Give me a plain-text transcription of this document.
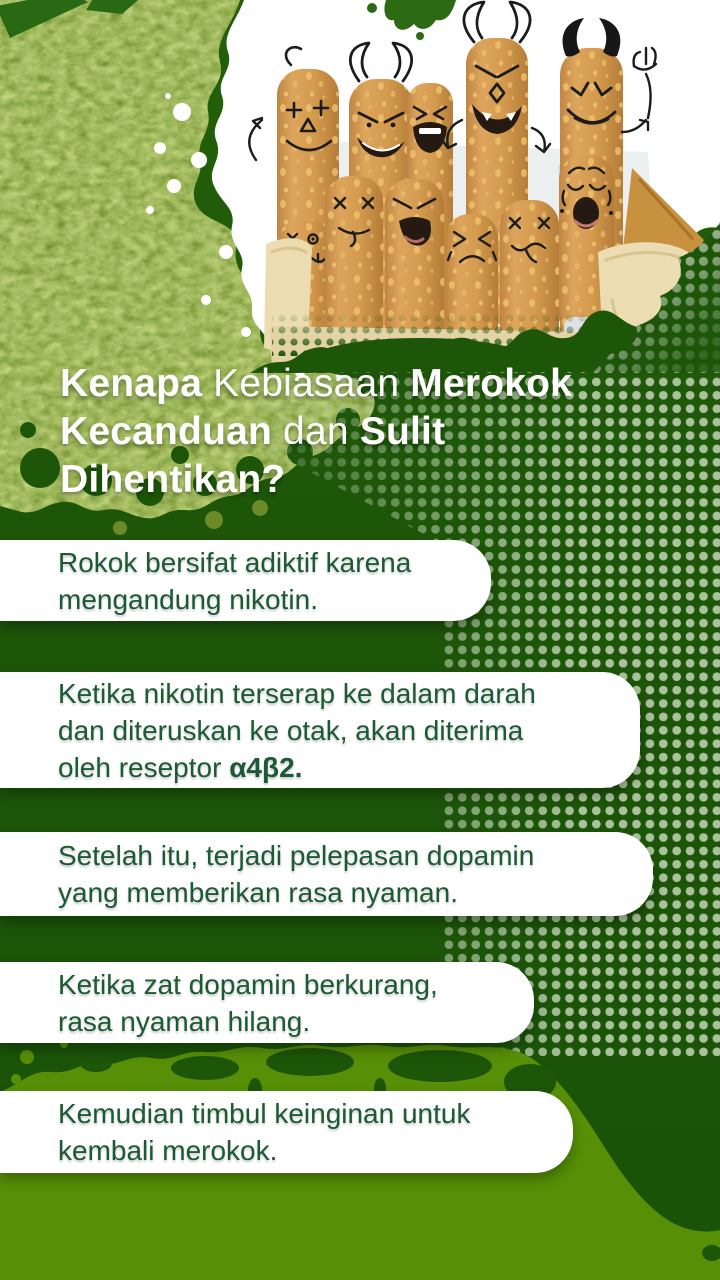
Kenapa Kebiasaan Merokok
Kecanduan dan Sulit
Dihentikan?
Rokok bersifat adiktif karena
mengandung nikotin.
Ketika nikotin terserap ke dalam darah
dan diteruskan ke otak, akan diterima
oleh reseptor α4β2.
Setelah itu, terjadi pelepasan dopamin
yang memberikan rasa nyaman.
Ketika zat dopamin berkurang,
rasa nyaman hilang.
Kemudian timbul keinginan untuk
kembali merokok.
